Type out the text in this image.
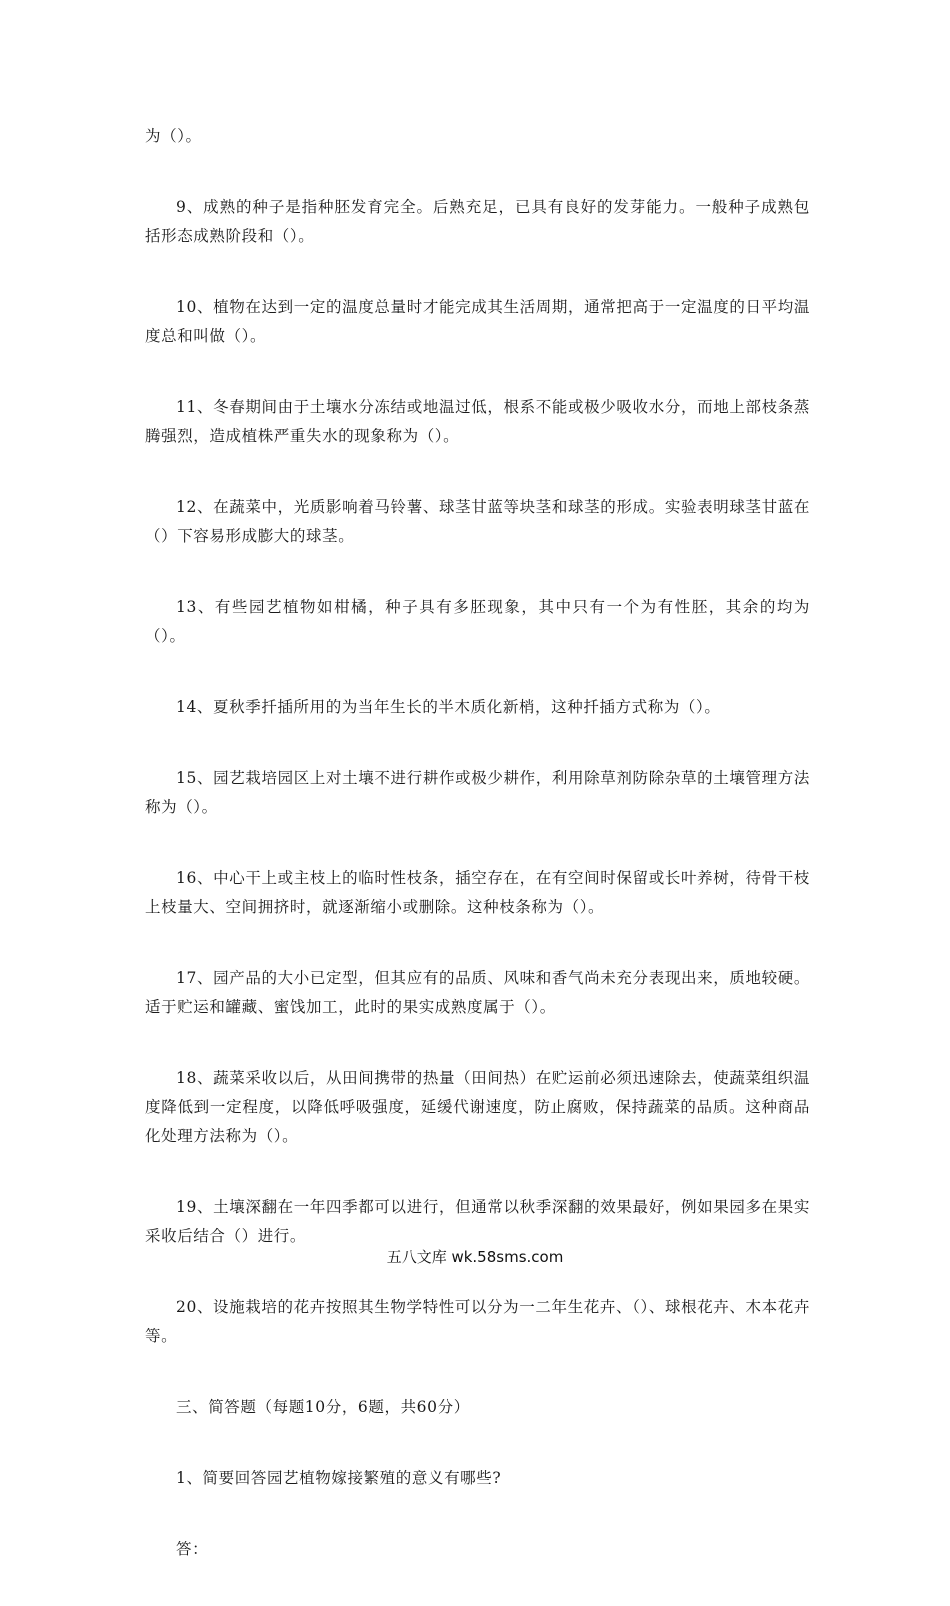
为（）。

9、成熟的种子是指种胚发育完全。后熟充足，已具有良好的发芽能力。一般种子成熟包括形态成熟阶段和（）。

10、植物在达到一定的温度总量时才能完成其生活周期，通常把高于一定温度的日平均温度总和叫做（）。

11、冬春期间由于土壤水分冻结或地温过低，根系不能或极少吸收水分，而地上部枝条蒸腾强烈，造成植株严重失水的现象称为（）。

12、在蔬菜中，光质影响着马铃薯、球茎甘蓝等块茎和球茎的形成。实验表明球茎甘蓝在（）下容易形成膨大的球茎。

13、有些园艺植物如柑橘，种子具有多胚现象，其中只有一个为有性胚，其余的均为（）。

14、夏秋季扦插所用的为当年生长的半木质化新梢，这种扦插方式称为（）。

15、园艺栽培园区上对土壤不进行耕作或极少耕作，利用除草剂防除杂草的土壤管理方法称为（）。

16、中心干上或主枝上的临时性枝条，插空存在，在有空间时保留或长叶养树，待骨干枝上枝量大、空间拥挤时，就逐渐缩小或删除。这种枝条称为（）。

17、园产品的大小已定型，但其应有的品质、风味和香气尚未充分表现出来，质地较硬。适于贮运和罐藏、蜜饯加工，此时的果实成熟度属于（）。

18、蔬菜采收以后，从田间携带的热量（田间热）在贮运前必须迅速除去，使蔬菜组织温度降低到一定程度，以降低呼吸强度，延缓代谢速度，防止腐败，保持蔬菜的品质。这种商品化处理方法称为（）。

19、土壤深翻在一年四季都可以进行，但通常以秋季深翻的效果最好，例如果园多在果实采收后结合（）进行。

20、设施栽培的花卉按照其生物学特性可以分为一二年生花卉、（）、球根花卉、木本花卉等。

三、简答题（每题10分，6题，共60分）

1、简要回答园艺植物嫁接繁殖的意义有哪些?

答：

五八文库 wk.58sms.com
